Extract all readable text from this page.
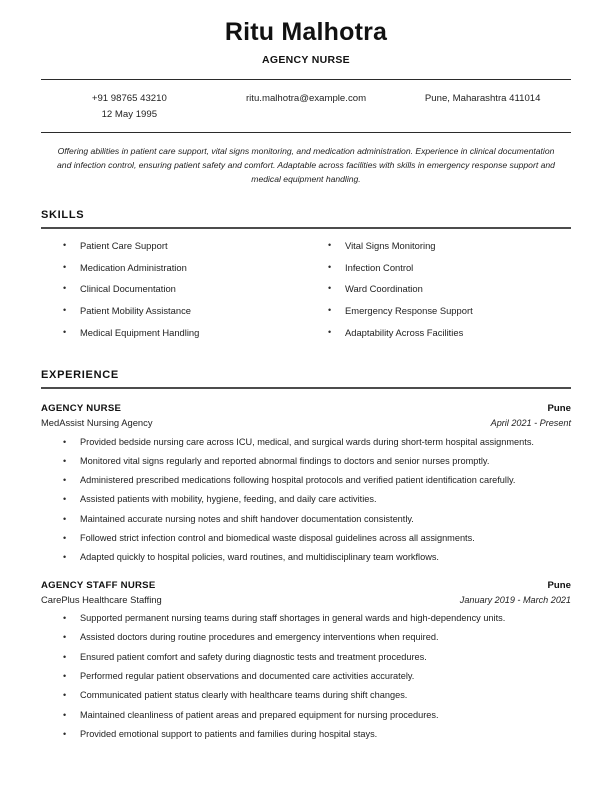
Ritu Malhotra
AGENCY NURSE
+91 98765 43210
12 May 1995
ritu.malhotra@example.com	Pune, Maharashtra 411014
Offering abilities in patient care support, vital signs monitoring, and medication administration. Experience in clinical documentation and infection control, ensuring patient safety and comfort. Adaptable across facilities with skills in emergency response support and medical equipment handling.
SKILLS
•	Patient Care Support
•	Medication Administration
•	Clinical Documentation
•	Patient Mobility Assistance
•	Medical Equipment Handling
•	Vital Signs Monitoring
•	Infection Control
•	Ward Coordination
•	Emergency Response Support
•	Adaptability Across Facilities
EXPERIENCE
AGENCY NURSE	Pune
MedAssist Nursing Agency	April 2021 - Present
•	Provided bedside nursing care across ICU, medical, and surgical wards during short-term hospital assignments.
•	Monitored vital signs regularly and reported abnormal findings to doctors and senior nurses promptly.
•	Administered prescribed medications following hospital protocols and verified patient identification carefully.
•	Assisted patients with mobility, hygiene, feeding, and daily care activities.
•	Maintained accurate nursing notes and shift handover documentation consistently.
•	Followed strict infection control and biomedical waste disposal guidelines across all assignments.
•	Adapted quickly to hospital policies, ward routines, and multidisciplinary team workflows.
AGENCY STAFF NURSE	Pune
CarePlus Healthcare Staffing	January 2019 - March 2021
•	Supported permanent nursing teams during staff shortages in general wards and high-dependency units.
•	Assisted doctors during routine procedures and emergency interventions when required.
•	Ensured patient comfort and safety during diagnostic tests and treatment procedures.
•	Performed regular patient observations and documented care activities accurately.
•	Communicated patient status clearly with healthcare teams during shift changes.
•	Maintained cleanliness of patient areas and prepared equipment for nursing procedures.
•	Provided emotional support to patients and families during hospital stays.
